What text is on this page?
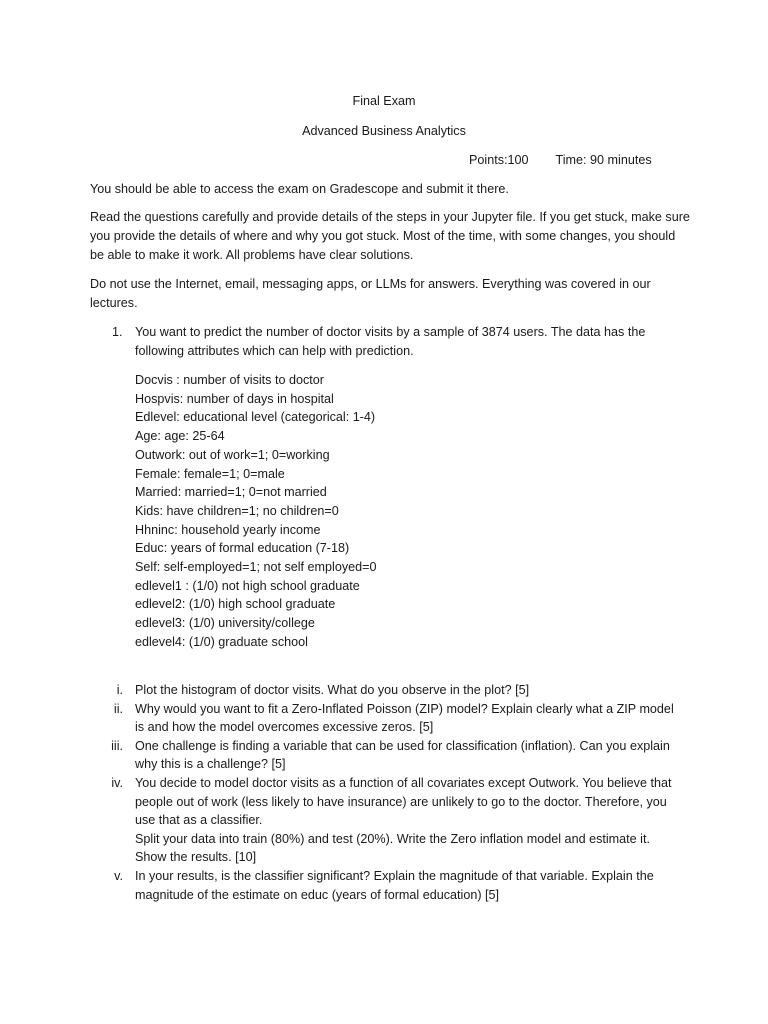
Final Exam
Advanced Business Analytics
Points:100 Time: 90 minutes

You should be able to access the exam on Gradescope and submit it there.

Read the questions carefully and provide details of the steps in your Jupyter file. If you get stuck, make sure you provide the details of where and why you got stuck. Most of the time, with some changes, you should be able to make it work. All problems have clear solutions.

Do not use the Internet, email, messaging apps, or LLMs for answers. Everything was covered in our lectures.

1. You want to predict the number of doctor visits by a sample of 3874 users. The data has the following attributes which can help with prediction.
Docvis : number of visits to doctor
Hospvis: number of days in hospital
Edlevel: educational level (categorical: 1-4)
Age: age: 25-64
Outwork: out of work=1; 0=working
Female: female=1; 0=male
Married: married=1; 0=not married
Kids: have children=1; no children=0
Hhninc: household yearly income
Educ: years of formal education (7-18)
Self: self-employed=1; not self employed=0
edlevel1 : (1/0) not high school graduate
edlevel2: (1/0) high school graduate
edlevel3: (1/0) university/college
edlevel4: (1/0) graduate school
i. Plot the histogram of doctor visits. What do you observe in the plot? [5]
ii. Why would you want to fit a Zero-Inflated Poisson (ZIP) model? Explain clearly what a ZIP model is and how the model overcomes excessive zeros. [5]
iii. One challenge is finding a variable that can be used for classification (inflation). Can you explain why this is a challenge? [5]
iv. You decide to model doctor visits as a function of all covariates except Outwork. You believe that people out of work (less likely to have insurance) are unlikely to go to the doctor. Therefore, you use that as a classifier.
Split your data into train (80%) and test (20%). Write the Zero inflation model and estimate it. Show the results. [10]
v. In your results, is the classifier significant? Explain the magnitude of that variable. Explain the magnitude of the estimate on educ (years of formal education) [5]
